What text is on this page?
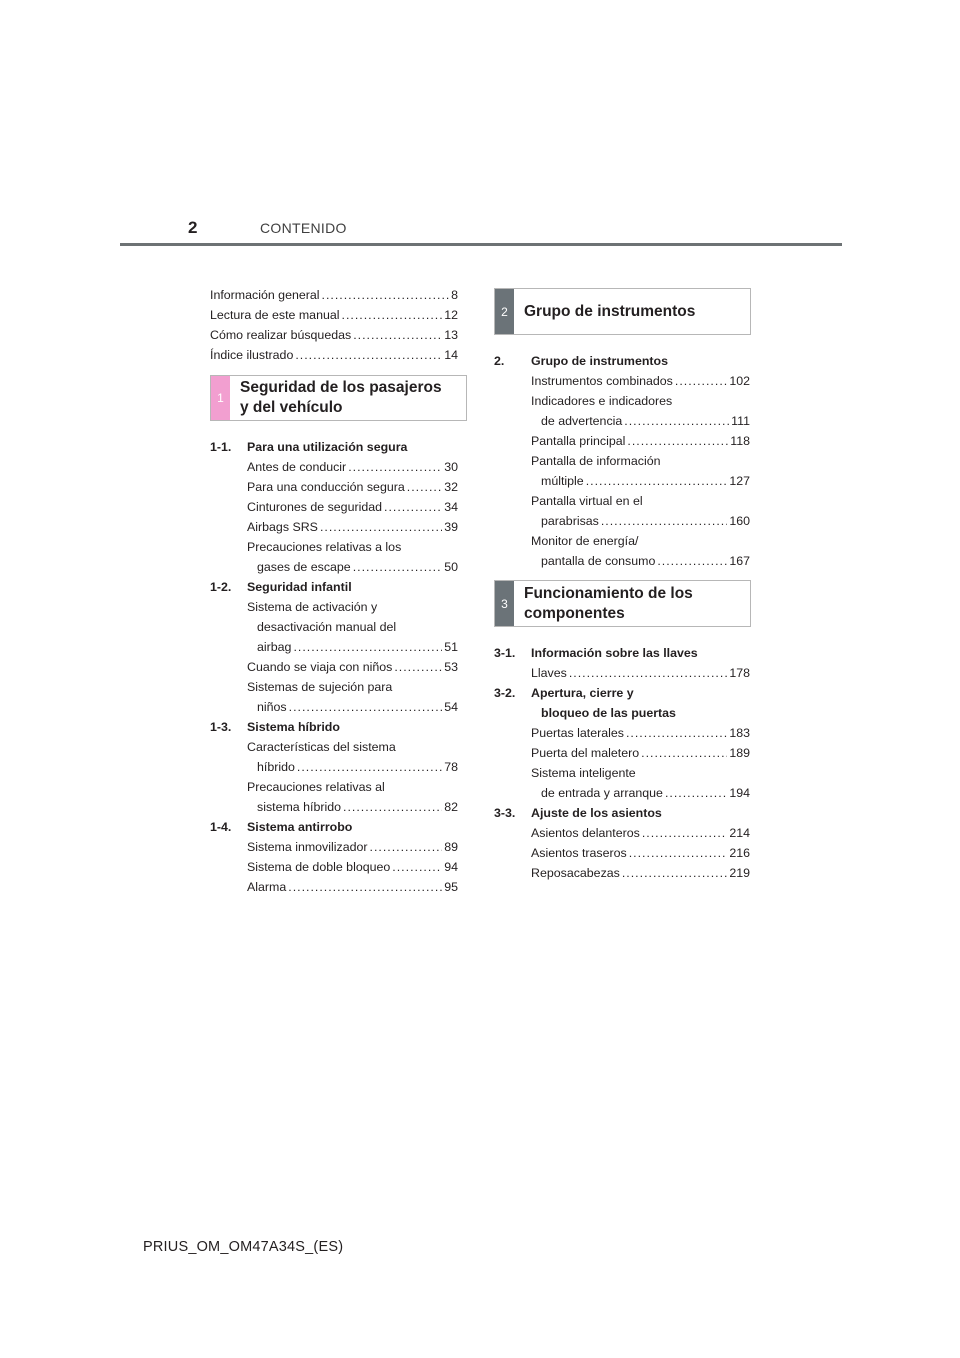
2	CONTENIDO
Información general .....	8
Lectura de este manual .....	12
Cómo realizar búsquedas .....	13
Índice ilustrado .....	14
1
Seguridad de los pasajeros
y del vehículo
1-1.	Para una utilización segura
Antes de conducir .....	30
Para una conducción segura .....	32
Cinturones de seguridad .....	34
Airbags SRS .....	39
Precauciones relativas a los
gases de escape .....	50
1-2.	Seguridad infantil
Sistema de activación y
desactivación manual del
airbag .....	51
Cuando se viaja con niños .....	53
Sistemas de sujeción para
niños .....	54
1-3.	Sistema híbrido
Características del sistema
híbrido .....	78
Precauciones relativas al
sistema híbrido .....	82
1-4.	Sistema antirrobo
Sistema inmovilizador .....	89
Sistema de doble bloqueo .....	94
Alarma .....	95
2	Grupo de instrumentos
2.	Grupo de instrumentos
Instrumentos combinados .....	102
Indicadores e indicadores
de advertencia .....	111
Pantalla principal .....	118
Pantalla de información
múltiple .....	127
Pantalla virtual en el
parabrisas .....	160
Monitor de energía/
pantalla de consumo .....	167
3
Funcionamiento de los
componentes
3-1.	Información sobre las llaves
Llaves .....	178
3-2.	Apertura, cierre y
bloqueo de las puertas
Puertas laterales .....	183
Puerta del maletero .....	189
Sistema inteligente
de entrada y arranque .....	194
3-3.	Ajuste de los asientos
Asientos delanteros .....	214
Asientos traseros .....	216
Reposacabezas .....	219
PRIUS_OM_OM47A34S_(ES)
